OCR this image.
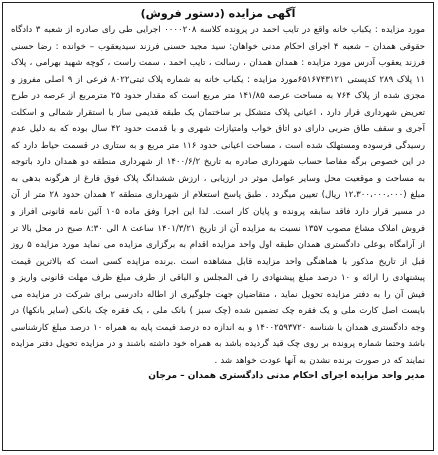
آگهی مزایده (دستور فروش)

مورد مزایده : یکباب خانه واقع در تایب احمد در پرونده کلاسه ۰۰۰۰۲۰۸ اجرایی طی رای صادره از شعبه ۳ دادگاه حقوقی همدان – شعبه ۴ اجرای احکام مدنی خواهان: سید مجید حسنی فرزند سیدیعقوب – خوانده : رضا حسنی فرزند یعقوب آدرس مورد مزایده : همدان همدان ، رسالت ، تایب احمد ، سمت راست ، کوچه شهید بهرامی ، پلاک ۱۱ پلاک ۲۸۹ کدپستی ۶۵۱۶۷۴۳۱۲۱مورد مزایده : یکباب خانه به شماره پلاک ثبتی۸۰۲۲ فرعی از ۹ اصلی مفروز و مجزی شده از پلاک ۷۶۴ به مساحت عرصه ۱۴۱/۸۵ متر مربع است که مقدار حدود ۲۵ مترمربع از عرصه در طرح تعریض شهرداری قرار دارد ، اعیانی پلاک متشکل بر ساختمان یک طبقه قدیمی ساز با استقرار شمالی و اسکلت آجری و سقف طاق ضربی دارای دو اتاق خواب وامتیازات شهری و با قدمت حدود ۴۲ سال بوده که به دلیل عدم رسیدگی فرسوده ومستهلک شده است ، مساحت اعیانی حدود ۱۱۶ متر مربع و به ستاری در قسمت حیاط دارد که در این خصوص برگه مفاصا حساب شهرداری صادره به تاریخ ۱۴۰۰/۶/۲ از شهرداری منطقه دو همدان دارد باتوجه به مساحت و موقعیت محل وسایر عوامل موثر در ارزیابی ، ارزش ششدانگ پلاک فوق فارغ از هرگونه بدهی به مبلغ (۱۲،۳۰۰،۰۰۰،۰۰۰ ریال) تعیین میگردد . طبق پاسخ استعلام از شهرداری منطقه ۲ همدان حدود ۲۸ متر از آن در مسیر قرار دارد فاقد سابقه پرونده و پایان کار است. لذا این اجرا وفق ماده ۱۰۵ آئین نامه قانونی افراز و فروش املاک مشاع مصوب ۱۳۵۷ نسبت به مزایده آن از تاریخ ۱۴۰۱/۳/۲۱ ساعت ۸ الی ۸:۳۰ صبح در محل بالا تر از آرامگاه بوعلی دادگستری همدان طبقه اول واحد مزایده اقدام به برگزاری مزایده می نماید مورد مزایده ۵ روز قبل از تاریخ مذکور با هماهنگی واحد مزایده قابل مشاهده است .برنده مزایده کسی است که بالاترین قیمت پیشنهادی را ارائه و ۱۰ درصد مبلغ پیشنهادی را فی المجلس و الباقی از طرف مبلغ ظرف مهلت قانونی واریز و فیش آن را به دفتر مزایده تحویل نماید ، متقاضیان جهت جلوگیری از اطاله دادرسی برای شرکت در مزایده می بایست اصل کارت ملی و یک فقره چک تضمین شده (چک سبز ) بانک ملی ، یک فقره چک بانکی (سایر بانکها) در وجه دادگستری همدان با شناسه ۱۴۰۰۲۵۹۳۷۲۰ و به اندازه ده درصد قیمت پایه به همراه ۱۰ درصد مبلغ کارشناسی باشد وحتما شماره پرونده بر روی چک قید گردیده باشد به همراه خود داشته باشند و در مزایده تحویل دفتر مزایده نمایند که در صورت برنده نشدن به آنها عودت خواهد شد .

مدیر واحد مزایده اجرای احکام مدنی دادگستری همدان – مرجان
